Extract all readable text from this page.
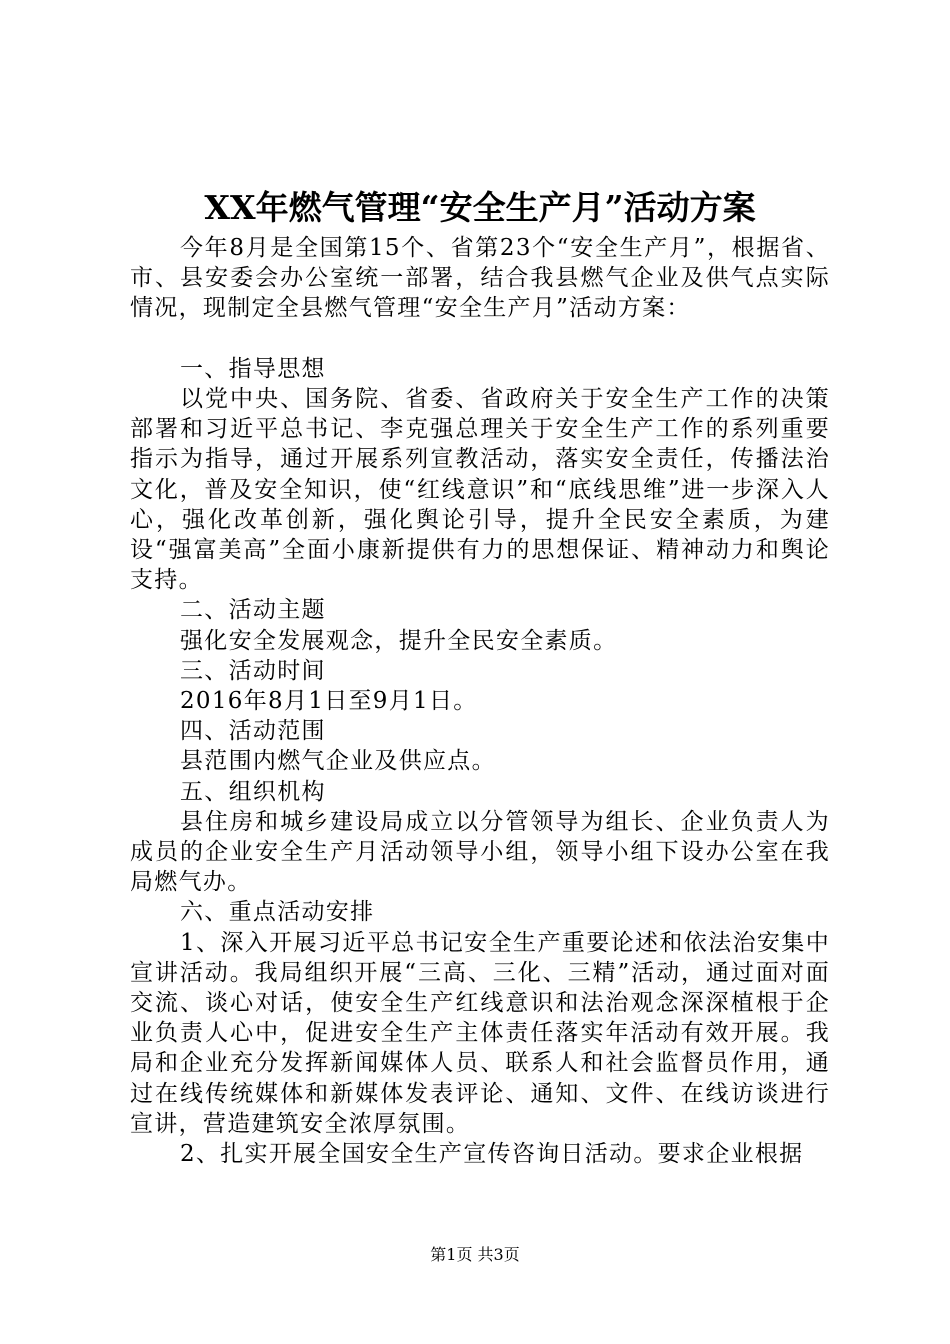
XX年燃气管理“安全生产月”活动方案

今年8月是全国第15个、省第23个“安全生产月”，根据省、市、县安委会办公室统一部署，结合我县燃气企业及供气点实际情况，现制定全县燃气管理“安全生产月”活动方案：

一、指导思想

以党中央、国务院、省委、省政府关于安全生产工作的决策部署和习近平总书记、李克强总理关于安全生产工作的系列重要指示为指导，通过开展系列宣教活动，落实安全责任，传播法治文化，普及安全知识，使“红线意识”和“底线思维”进一步深入人心，强化改革创新，强化舆论引导，提升全民安全素质，为建设“强富美高”全面小康新提供有力的思想保证、精神动力和舆论支持。

二、活动主题

强化安全发展观念，提升全民安全素质。

三、活动时间

2016年8月1日至9月1日。

四、活动范围

县范围内燃气企业及供应点。

五、组织机构

县住房和城乡建设局成立以分管领导为组长、企业负责人为成员的企业安全生产月活动领导小组，领导小组下设办公室在我局燃气办。

六、重点活动安排

1、深入开展习近平总书记安全生产重要论述和依法治安集中宣讲活动。我局组织开展“三高、三化、三精”活动，通过面对面交流、谈心对话，使安全生产红线意识和法治观念深深植根于企业负责人心中，促进安全生产主体责任落实年活动有效开展。我局和企业充分发挥新闻媒体人员、联系人和社会监督员作用，通过在线传统媒体和新媒体发表评论、通知、文件、在线访谈进行宣讲，营造建筑安全浓厚氛围。

2、扎实开展全国安全生产宣传咨询日活动。要求企业根据

第1页 共3页
